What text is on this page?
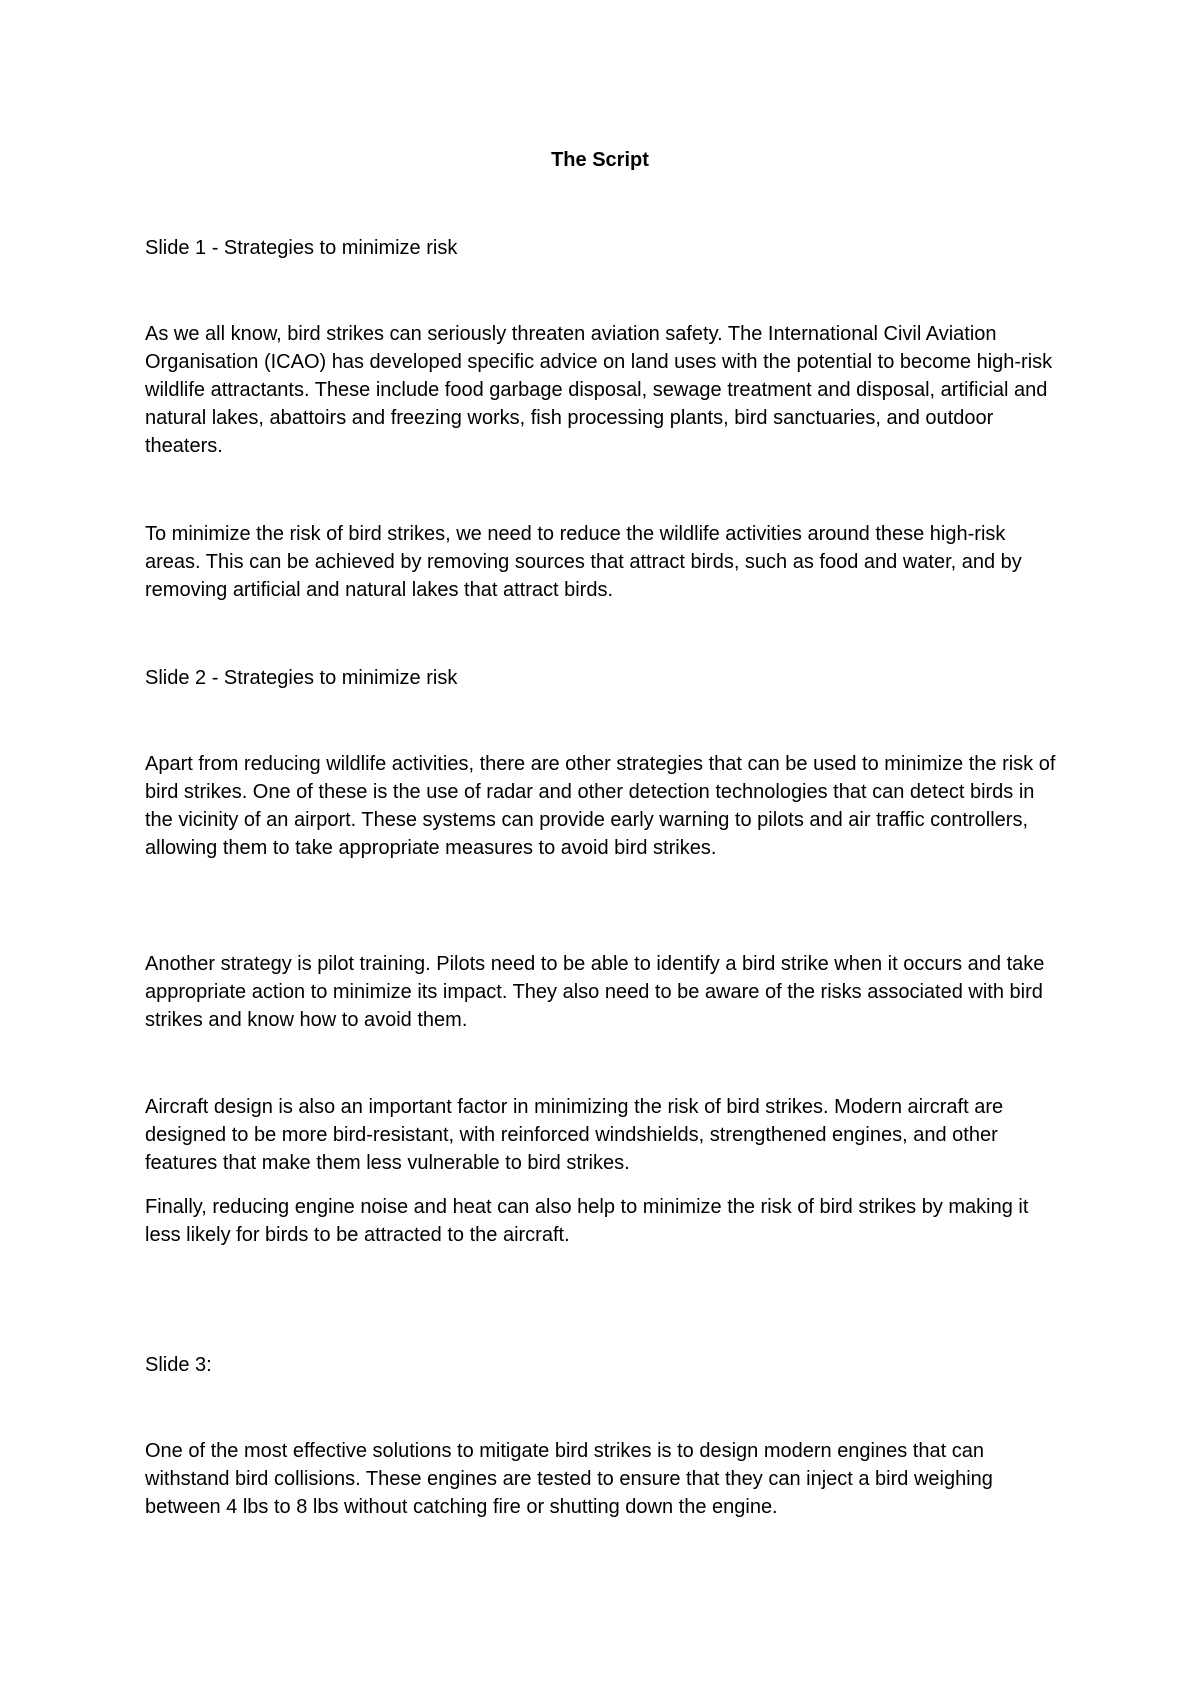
The Script

Slide 1 - Strategies to minimize risk

As we all know, bird strikes can seriously threaten aviation safety. The International Civil Aviation Organisation (ICAO) has developed specific advice on land uses with the potential to become high-risk wildlife attractants. These include food garbage disposal, sewage treatment and disposal, artificial and natural lakes, abattoirs and freezing works, fish processing plants, bird sanctuaries, and outdoor theaters.

To minimize the risk of bird strikes, we need to reduce the wildlife activities around these high-risk areas. This can be achieved by removing sources that attract birds, such as food and water, and by removing artificial and natural lakes that attract birds.

Slide 2 - Strategies to minimize risk

Apart from reducing wildlife activities, there are other strategies that can be used to minimize the risk of bird strikes. One of these is the use of radar and other detection technologies that can detect birds in the vicinity of an airport. These systems can provide early warning to pilots and air traffic controllers, allowing them to take appropriate measures to avoid bird strikes.

Another strategy is pilot training. Pilots need to be able to identify a bird strike when it occurs and take appropriate action to minimize its impact. They also need to be aware of the risks associated with bird strikes and know how to avoid them.

Aircraft design is also an important factor in minimizing the risk of bird strikes. Modern aircraft are designed to be more bird-resistant, with reinforced windshields, strengthened engines, and other features that make them less vulnerable to bird strikes.

Finally, reducing engine noise and heat can also help to minimize the risk of bird strikes by making it less likely for birds to be attracted to the aircraft.

Slide 3:

One of the most effective solutions to mitigate bird strikes is to design modern engines that can withstand bird collisions. These engines are tested to ensure that they can inject a bird weighing between 4 lbs to 8 lbs without catching fire or shutting down the engine.
